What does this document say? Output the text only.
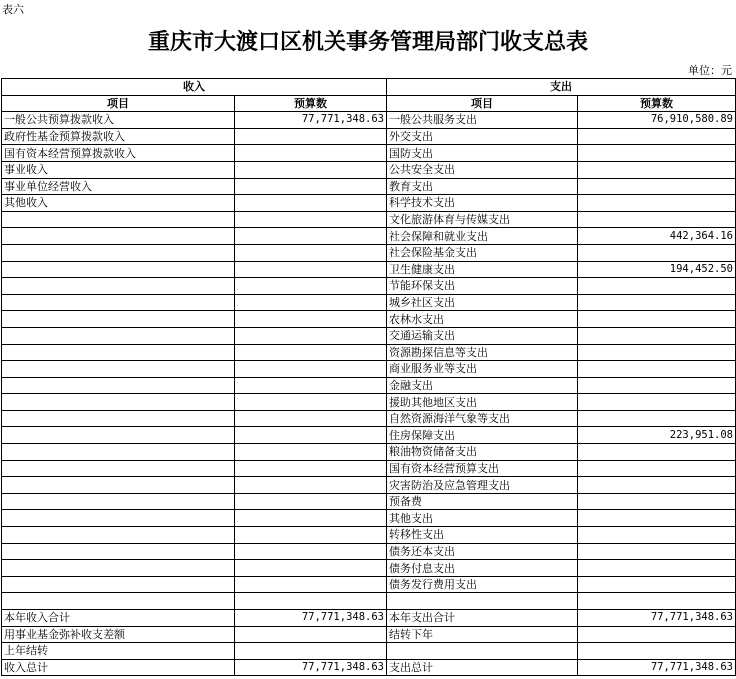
表六
重庆市大渡口区机关事务管理局部门收支总表
单位：元
收入		支出	
项目	预算数	项目	预算数
一般公共预算拨款收入	77,771,348.63	一般公共服务支出	76,910,580.89
政府性基金预算拨款收入		外交支出	
国有资本经营预算拨款收入		国防支出	
事业收入		公共安全支出	
事业单位经营收入		教育支出	
其他收入		科学技术支出	
		文化旅游体育与传媒支出	
		社会保障和就业支出	442,364.16
		社会保险基金支出	
		卫生健康支出	194,452.50
		节能环保支出	
		城乡社区支出	
		农林水支出	
		交通运输支出	
		资源勘探信息等支出	
		商业服务业等支出	
		金融支出	
		援助其他地区支出	
		自然资源海洋气象等支出	
		住房保障支出	223,951.08
		粮油物资储备支出	
		国有资本经营预算支出	
		灾害防治及应急管理支出	
		预备费	
		其他支出	
		转移性支出	
		债务还本支出	
		债务付息支出	
		债务发行费用支出	

本年收入合计	77,771,348.63	本年支出合计	77,771,348.63
用事业基金弥补收支差额		结转下年	
上年结转			
收入总计	77,771,348.63	支出总计	77,771,348.63
